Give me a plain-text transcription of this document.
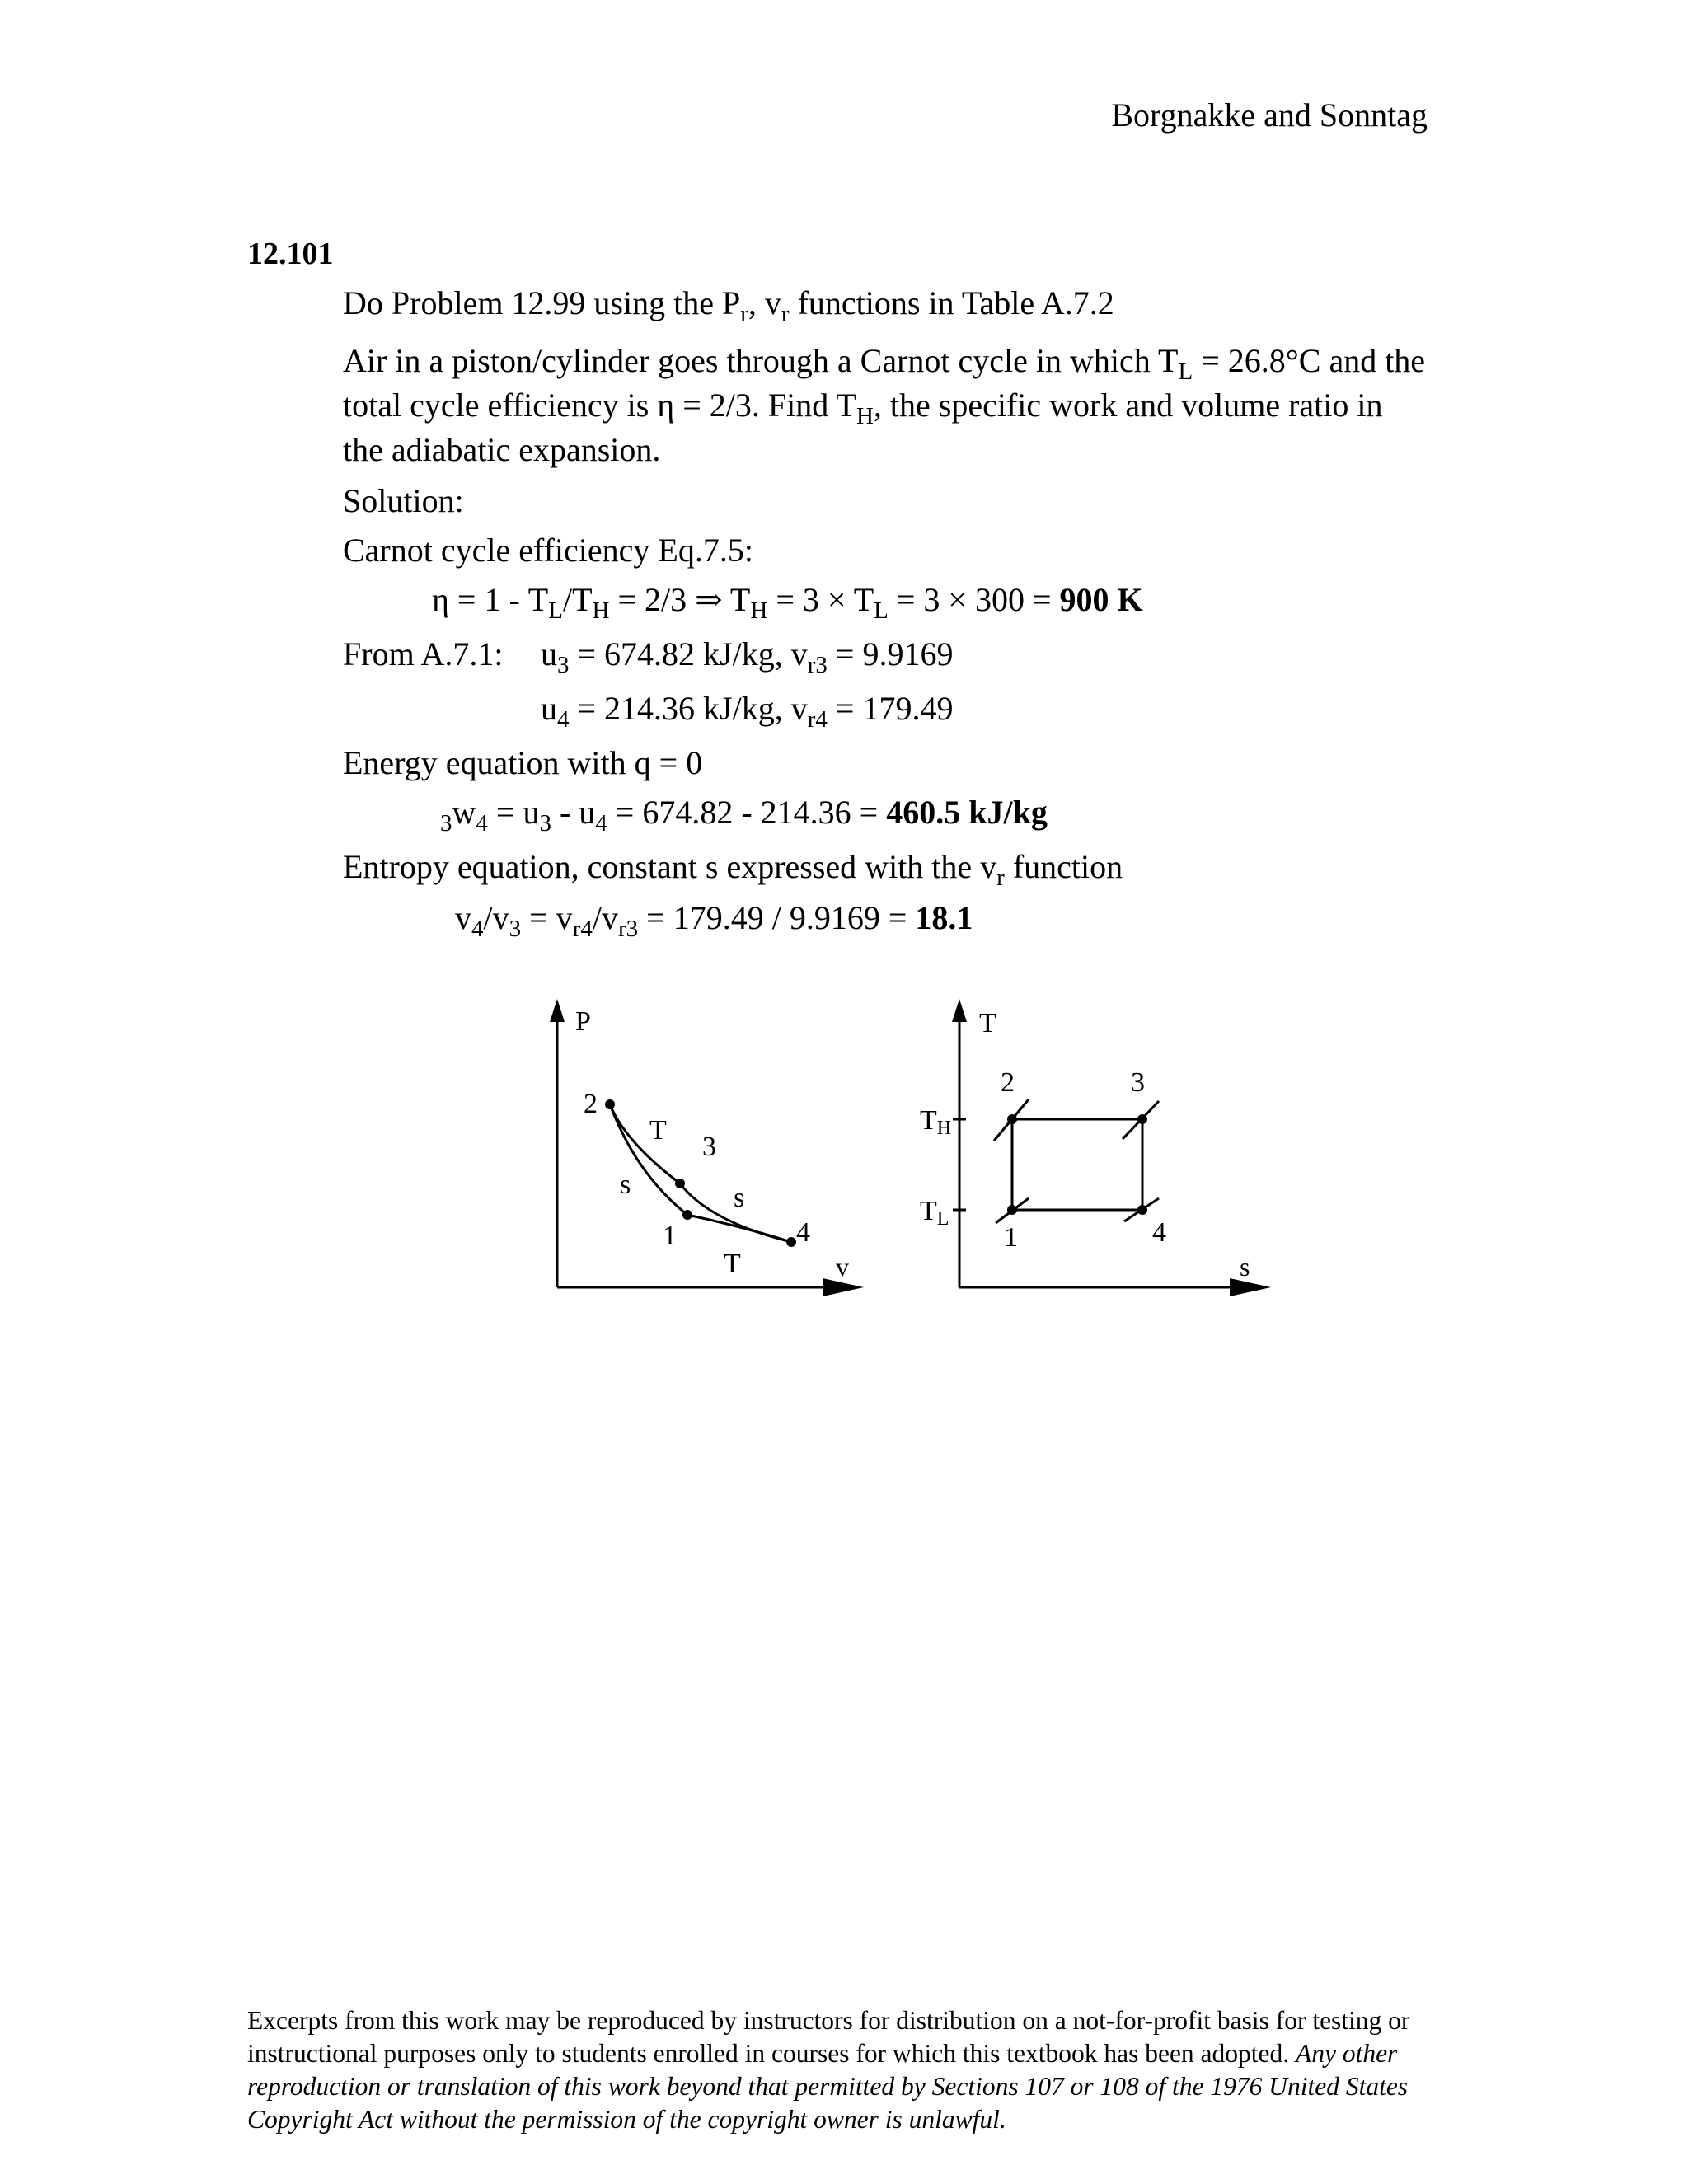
Borgnakke and Sonntag
12.101
Do Problem 12.99 using the $P_r$, $v_r$ functions in Table A.7.2
Air in a piston/cylinder goes through a Carnot cycle in which $T_L = 26.8^\circ C$ and the
total cycle efficiency is η = 2/3. Find $T_H$, the specific work and volume ratio in
the adiabatic expansion.
Solution:
Carnot cycle efficiency Eq.7.5:
$\eta = 1 - T_L/T_H = 2/3$ ⇒ $T_H = 3 \times T_L = 3 \times 300 = 900$ K
From A.7.1: $u_3 = 674.82$ kJ/kg, $v_{r3} = 9.9169$
$u_4 = 214.36$ kJ/kg, $v_{r4} = 179.49$
Energy equation with q = 0
$_3w_4 = u_3 - u_4 = 674.82 - 214.36 = 460.5$ kJ/kg
Entropy equation, constant s expressed with the $v_r$ function
$v_4/v_3 = v_{r4}/v_{r3} = 179.49 / 9.9169 = 18.1$
P
v
2
3
1	4
T
s	s
T
T
s
TH
TL
2	3
1	4
Excerpts from this work may be reproduced by instructors for distribution on a not-for-profit basis for testing or instructional purposes only to students enrolled in courses for which this textbook has been adopted. Any other reproduction or translation of this work beyond that permitted by Sections 107 or 108 of the 1976 United States Copyright Act without the permission of the copyright owner is unlawful.
